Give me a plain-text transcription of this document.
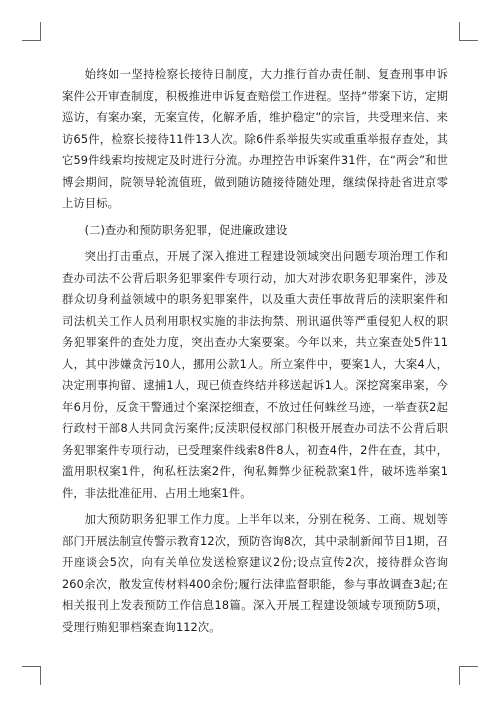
始终如一坚持检察长接待日制度，大力推行首办责任制、复查刑事申诉案件公开审查制度，积极推进申诉复查赔偿工作进程。坚持“带案下访，定期巡访，有案办案，无案宣传，化解矛盾，维护稳定”的宗旨，共受理来信、来访65件，检察长接待11件13人次。除6件系举报失实或重重举报存查处，其它59件线索均按规定及时进行分流。办理控告申诉案件31件，在“两会”和世博会期间，院领导轮流值班，做到随访随接待随处理，继续保持赴省进京零上访目标。

(二)查办和预防职务犯罪，促进廉政建设

突出打击重点，开展了深入推进工程建设领域突出问题专项治理工作和查办司法不公背后职务犯罪案件专项行动，加大对涉农职务犯罪案件，涉及群众切身利益领域中的职务犯罪案件，以及重大责任事故背后的渎职案件和司法机关工作人员利用职权实施的非法拘禁、刑讯逼供等严重侵犯人权的职务犯罪案件的查处力度，突出查办大案要案。今年以来，共立案查处5件11人，其中涉嫌贪污10人，挪用公款1人。所立案件中，要案1人，大案4人，决定刑事拘留、逮捕1人，现已侦查终结并移送起诉1人。深挖窝案串案，今年6月份，反贪干警通过个案深挖细查，不放过任何蛛丝马迹，一举查获2起行政村干部8人共同贪污案件;反渎职侵权部门积极开展查办司法不公背后职务犯罪案件专项行动，已受理案件线索8件8人，初查4件，2件在查，其中，滥用职权案1件，徇私枉法案2件，徇私舞弊少征税款案1件，破坏选举案1件，非法批准征用、占用土地案1件。

加大预防职务犯罪工作力度。上半年以来，分别在税务、工商、规划等部门开展法制宣传警示教育12次，预防咨询8次，其中录制新闻节目1期，召开座谈会5次，向有关单位发送检察建议2份;设点宣传2次，接待群众咨询260余次，散发宣传材料400余份;履行法律监督职能，参与事故调查3起;在相关报刊上发表预防工作信息18篇。深入开展工程建设领域专项预防5项，受理行贿犯罪档案查询112次。
